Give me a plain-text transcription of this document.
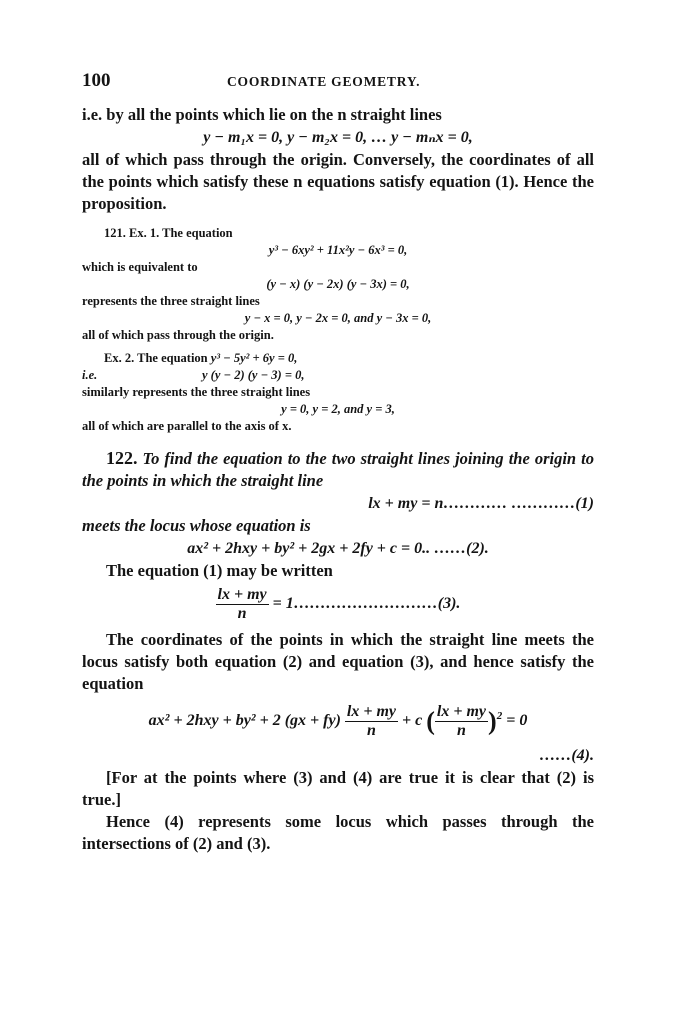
100	COORDINATE GEOMETRY.

i.e. by all the points which lie on the n straight lines

y − m₁x = 0, y − m₂x = 0, … y − mₙx = 0,

all of which pass through the origin. Conversely, the coordinates of all the points which satisfy these n equations satisfy equation (1). Hence the proposition.

121. Ex. 1. The equation

y³ − 6xy² + 11x²y − 6x³ = 0,

which is equivalent to

(y − x) (y − 2x) (y − 3x) = 0,

represents the three straight lines

y − x = 0, y − 2x = 0, and y − 3x = 0,

all of which pass through the origin.

Ex. 2. The equation y³ − 5y² + 6y = 0,

i.e.	y (y − 2) (y − 3) = 0,

similarly represents the three straight lines

y = 0, y = 2, and y = 3,

all of which are parallel to the axis of x.

122. To find the equation to the two straight lines joining the origin to the points in which the straight line

lx + my = n………… …………(1)

meets the locus whose equation is

ax² + 2hxy + by² + 2gx + 2fy + c = 0.. ……(2).

The equation (1) may be written

$\frac{lx + my}{n}$ = 1………………………(3).

The coordinates of the points in which the straight line meets the locus satisfy both equation (2) and equation (3), and hence satisfy the equation

ax² + 2hxy + by² + 2 $(gx + fy) \frac{lx + my}{n} + c$ ( $\frac{lx + my}{n} )^2 = 0$

……(4).

[For at the points where (3) and (4) are true it is clear that (2) is true.]

Hence (4) represents some locus which passes through the intersections of (2) and (3).
